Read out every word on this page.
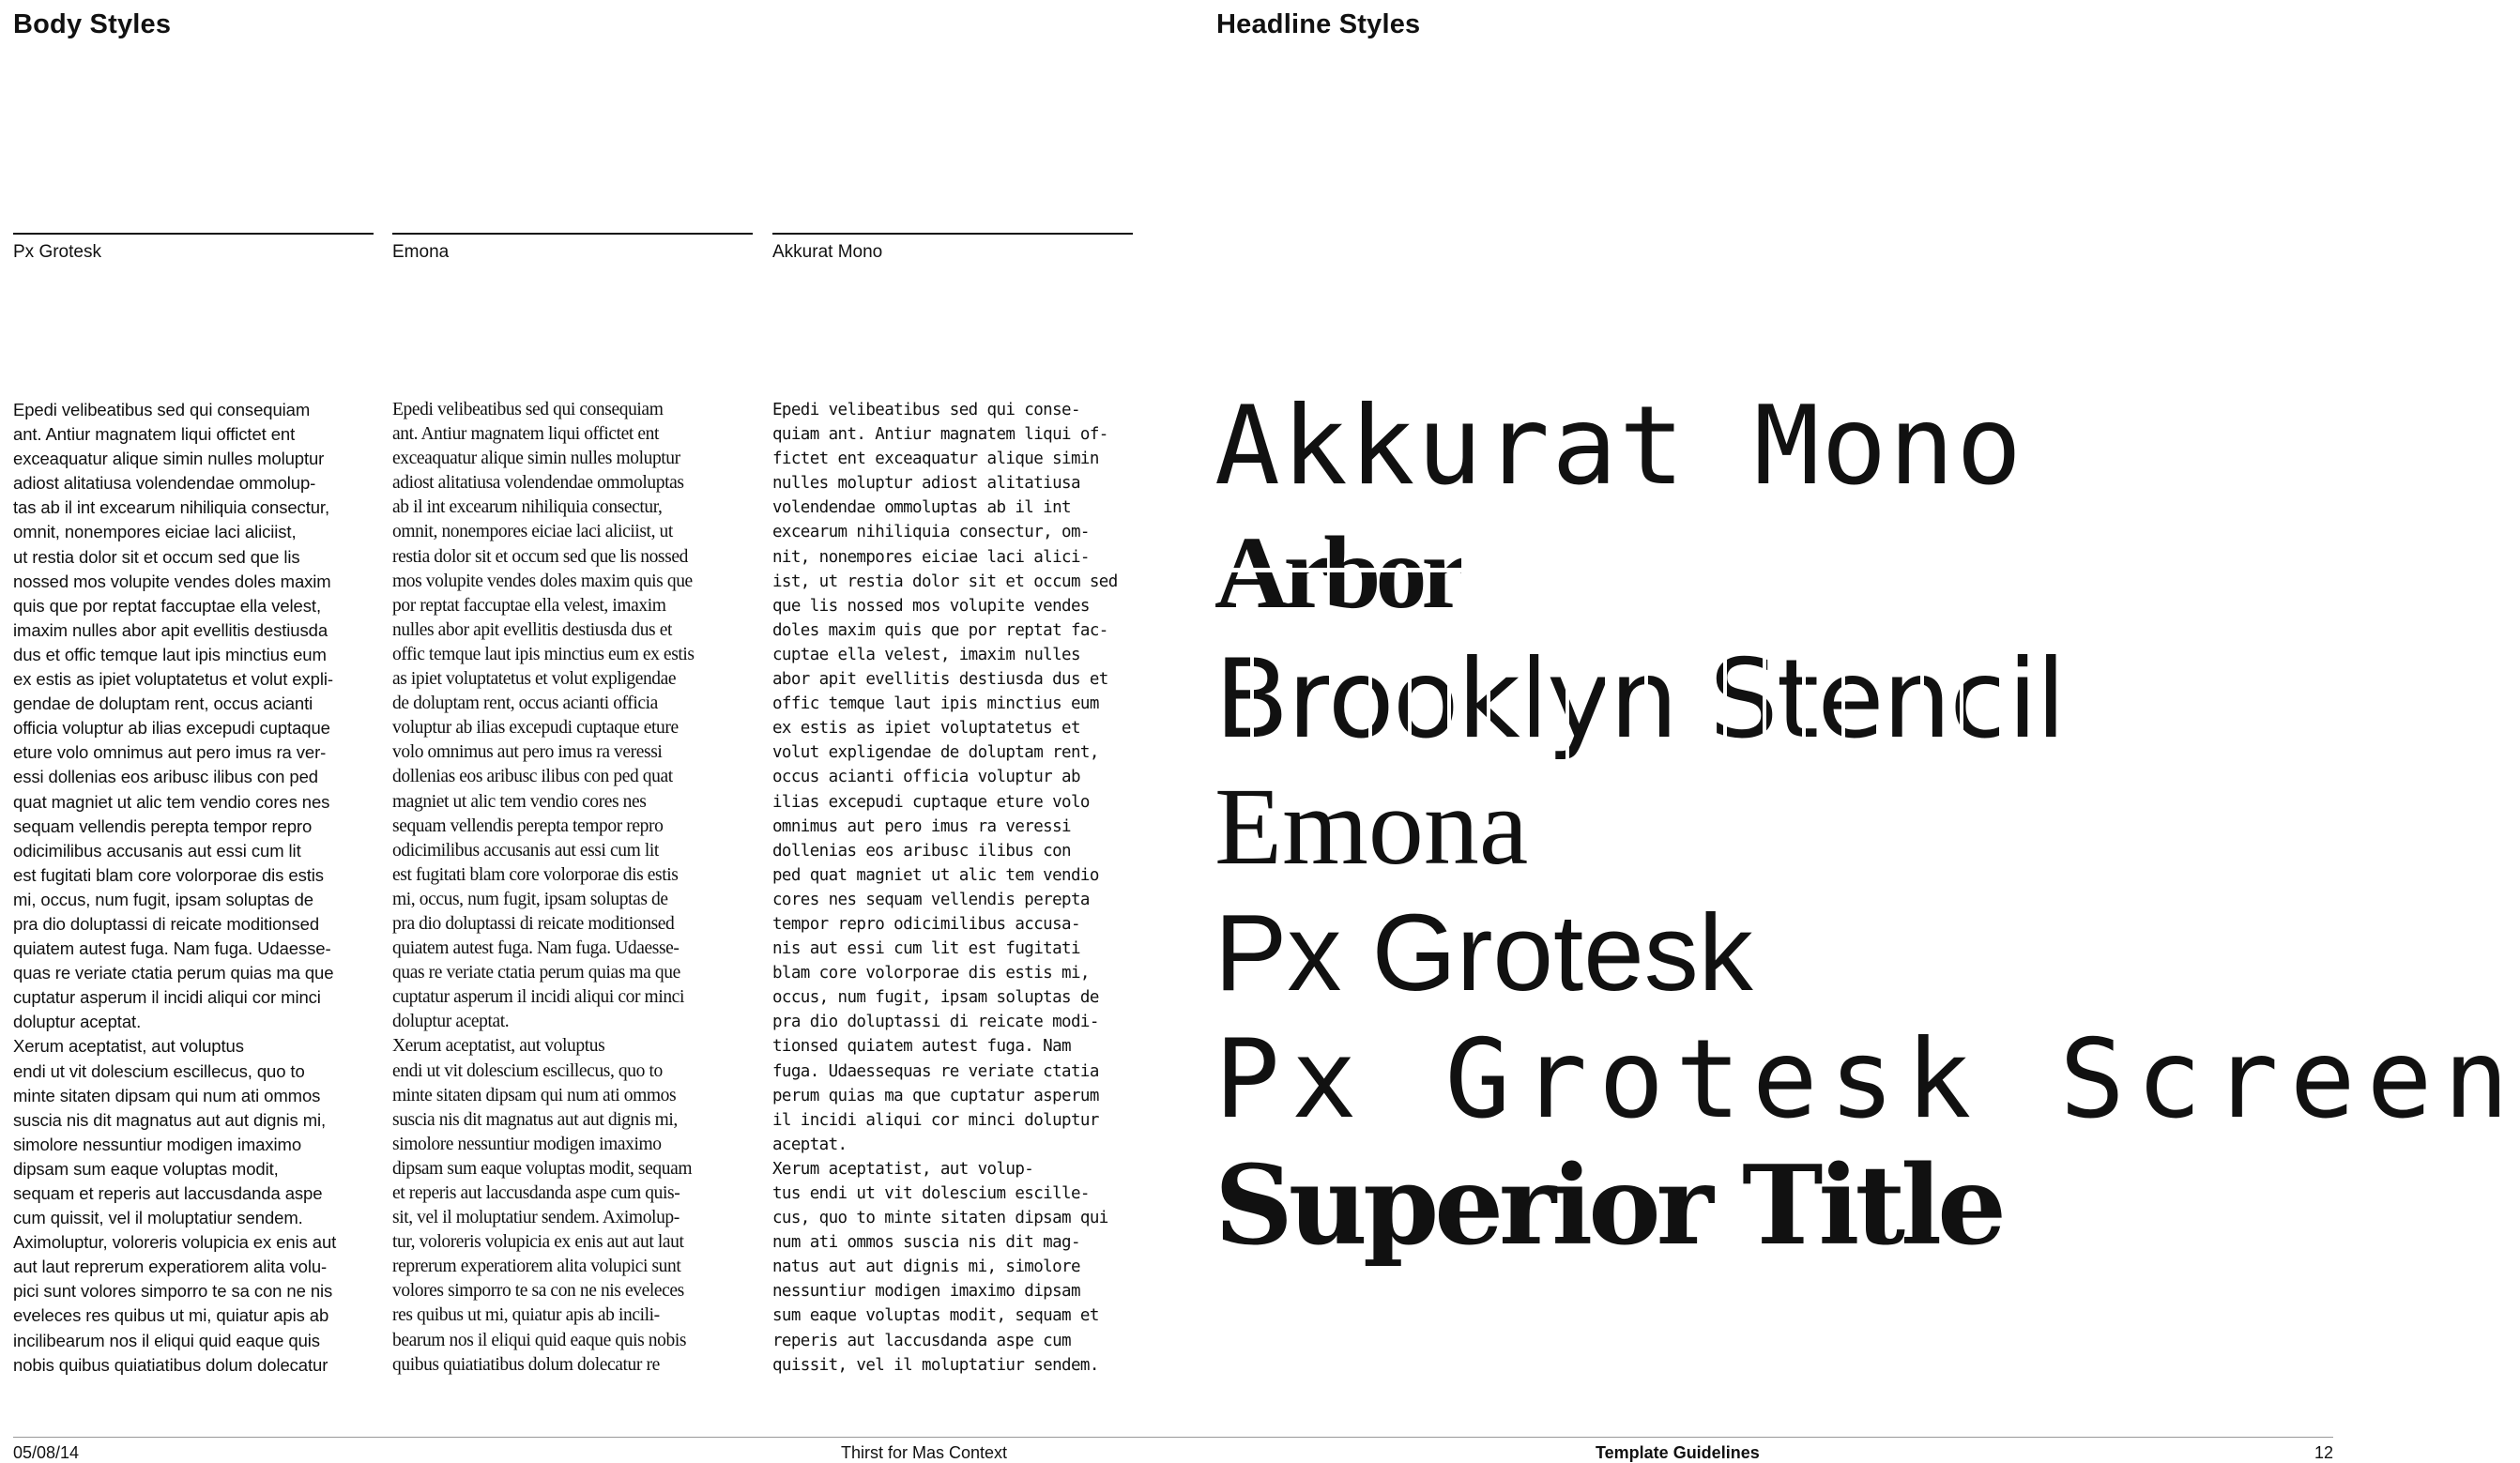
Body Styles	Headline Styles
Px Grotesk
Epedi velibeatibus sed qui consequiam
ant. Antiur magnatem liqui offictet ent
exceaquatur alique simin nulles moluptur
adiost alitatiusa volendendae ommolup-
tas ab il int excearum nihiliquia consectur,
omnit, nonempores eiciae laci aliciist,
ut restia dolor sit et occum sed que lis
nossed mos volupite vendes doles maxim
quis que por reptat faccuptae ella velest,
imaxim nulles abor apit evellitis destiusda
dus et offic temque laut ipis minctius eum
ex estis as ipiet voluptatetus et volut expli-
gendae de doluptam rent, occus acianti
officia voluptur ab ilias excepudi cuptaque
eture volo omnimus aut pero imus ra ver-
essi dollenias eos aribusc ilibus con ped
quat magniet ut alic tem vendio cores nes
sequam vellendis perepta tempor repro
odicimilibus accusanis aut essi cum lit
est fugitati blam core volorporae dis estis
mi, occus, num fugit, ipsam soluptas de
pra dio doluptassi di reicate moditionsed
quiatem autest fuga. Nam fuga. Udaesse-
quas re veriate ctatia perum quias ma que
cuptatur asperum il incidi aliqui cor minci
doluptur aceptat.
Xerum aceptatist, aut voluptus
endi ut vit dolescium escillecus, quo to
minte sitaten dipsam qui num ati ommos
suscia nis dit magnatus aut aut dignis mi,
simolore nessuntiur modigen imaximo
dipsam sum eaque voluptas modit,
sequam et reperis aut laccusdanda aspe
cum quissit, vel il moluptatiur sendem.
Aximoluptur, voloreris volupicia ex enis aut
aut laut reprerum experatiorem alita volu-
pici sunt volores simporro te sa con ne nis
eveleces res quibus ut mi, quiatur apis ab
incilibearum nos il eliqui quid eaque quis
nobis quibus quiatiatibus dolum dolecatur
Emona
Epedi velibeatibus sed qui consequiam
ant. Antiur magnatem liqui offictet ent
exceaquatur alique simin nulles moluptur
adiost alitatiusa volendendae ommoluptas
ab il int excearum nihiliquia consectur,
omnit, nonempores eiciae laci aliciist, ut
restia dolor sit et occum sed que lis nossed
mos volupite vendes doles maxim quis que
por reptat faccuptae ella velest, imaxim
nulles abor apit evellitis destiusda dus et
offic temque laut ipis minctius eum ex estis
as ipiet voluptatetus et volut expligendae
de doluptam rent, occus acianti officia
voluptur ab ilias excepudi cuptaque eture
volo omnimus aut pero imus ra veressi
dollenias eos aribusc ilibus con ped quat
magniet ut alic tem vendio cores nes
sequam vellendis perepta tempor repro
odicimilibus accusanis aut essi cum lit
est fugitati blam core volorporae dis estis
mi, occus, num fugit, ipsam soluptas de
pra dio doluptassi di reicate moditionsed
quiatem autest fuga. Nam fuga. Udaesse-
quas re veriate ctatia perum quias ma que
cuptatur asperum il incidi aliqui cor minci
doluptur aceptat.
Xerum aceptatist, aut voluptus
endi ut vit dolescium escillecus, quo to
minte sitaten dipsam qui num ati ommos
suscia nis dit magnatus aut aut dignis mi,
simolore nessuntiur modigen imaximo
dipsam sum eaque voluptas modit, sequam
et reperis aut laccusdanda aspe cum quis-
sit, vel il moluptatiur sendem. Aximolup-
tur, voloreris volupicia ex enis aut aut laut
reprerum experatiorem alita volupici sunt
volores simporro te sa con ne nis eveleces
res quibus ut mi, quiatur apis ab incili-
bearum nos il eliqui quid eaque quis nobis
quibus quiatiatibus dolum dolecatur re
Akkurat Mono
Epedi velibeatibus sed qui conse-
quiam ant. Antiur magnatem liqui of-
fictet ent exceaquatur alique simin
nulles moluptur adiost alitatiusa
volendendae ommoluptas ab il int
excearum nihiliquia consectur, om-
nit, nonempores eiciae laci alici-
ist, ut restia dolor sit et occum sed
que lis nossed mos volupite vendes
doles maxim quis que por reptat fac-
cuptae ella velest, imaxim nulles
abor apit evellitis destiusda dus et
offic temque laut ipis minctius eum
ex estis as ipiet voluptatetus et
volut expligendae de doluptam rent,
occus acianti officia voluptur ab
ilias excepudi cuptaque eture volo
omnimus aut pero imus ra veressi
dollenias eos aribusc ilibus con
ped quat magniet ut alic tem vendio
cores nes sequam vellendis perepta
tempor repro odicimilibus accusa-
nis aut essi cum lit est fugitati
blam core volorporae dis estis mi,
occus, num fugit, ipsam soluptas de
pra dio doluptassi di reicate modi-
tionsed quiatem autest fuga. Nam
fuga. Udaessequas re veriate ctatia
perum quias ma que cuptatur asperum
il incidi aliqui cor minci doluptur
aceptat.
Xerum aceptatist, aut volup-
tus endi ut vit dolescium escille-
cus, quo to minte sitaten dipsam qui
num ati ommos suscia nis dit mag-
natus aut aut dignis mi, simolore
nessuntiur modigen imaximo dipsam
sum eaque voluptas modit, sequam et
reperis aut laccusdanda aspe cum
quissit, vel il moluptatiur sendem.
Akkurat Mono
Arbor
Brooklyn Stencil
Emona
Px Grotesk
Px Grotesk Screen
Superior Title
05/08/14	Thirst for Mas Context	Template Guidelines	12
